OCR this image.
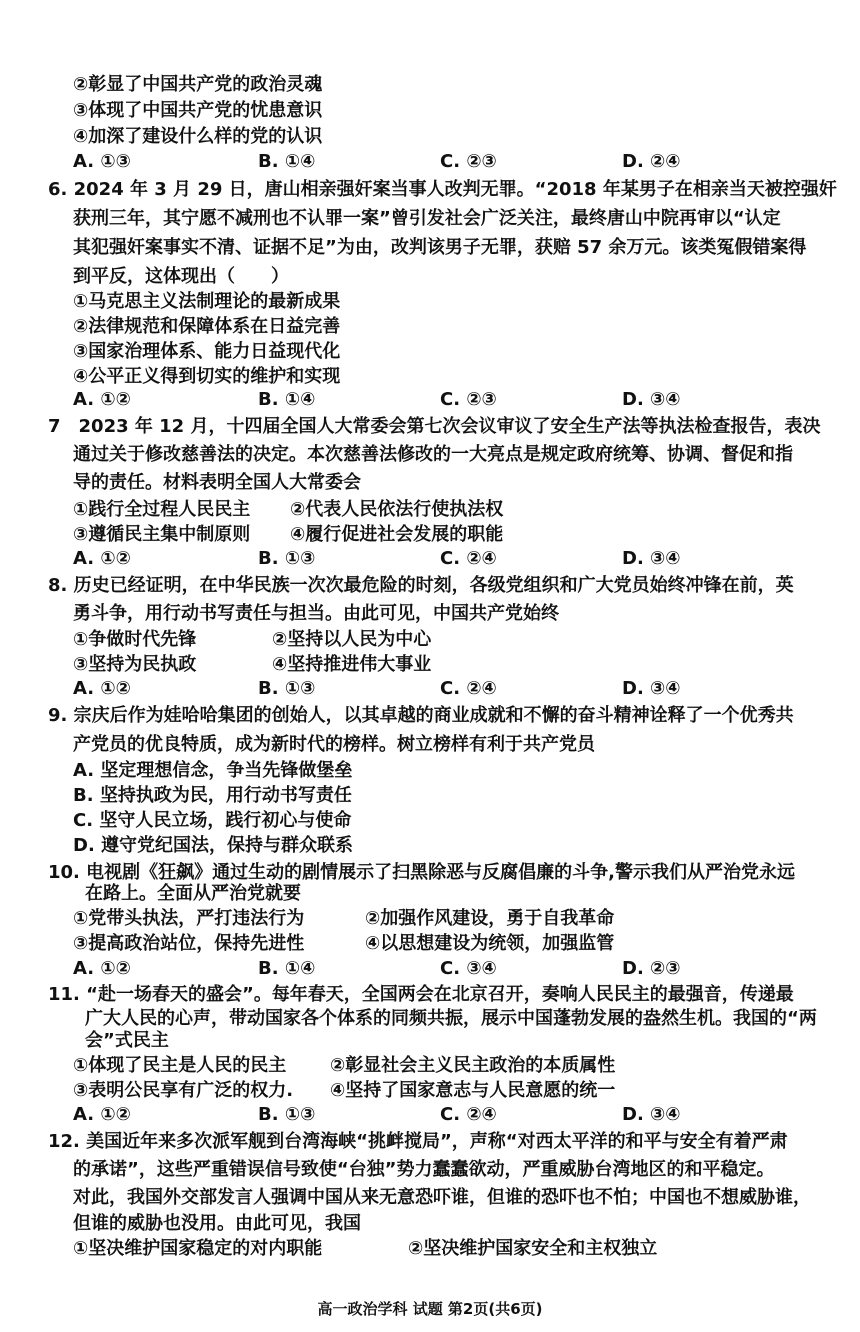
②彰显了中国共产党的政治灵魂
③体现了中国共产党的忧患意识
④加深了建设什么样的党的认识
A. ①③	B. ①④	C. ②③	D. ②④
6. 2024 年 3 月 29 日，唐山相亲强奸案当事人改判无罪。“2018 年某男子在相亲当天被控强奸
获刑三年，其宁愿不减刑也不认罪一案”曾引发社会广泛关注，最终唐山中院再审以“认定
其犯强奸案事实不清、证据不足”为由，改判该男子无罪，获赔 57 余万元。该类冤假错案得
到平反，这体现出（　　）
①马克思主义法制理论的最新成果
②法律规范和保障体系在日益完善
③国家治理体系、能力日益现代化
④公平正义得到切实的维护和实现
A. ①②	B. ①④	C. ②③	D. ③④
7　2023 年 12 月，十四届全国人大常委会第七次会议审议了安全生产法等执法检查报告，表决
通过关于修改慈善法的决定。本次慈善法修改的一大亮点是规定政府统筹、协调、督促和指
导的责任。材料表明全国人大常委会
①践行全过程人民民主 ②代表人民依法行使执法权
③遵循民主集中制原则 ④履行促进社会发展的职能
A. ①②	B. ①③	C. ②④	D. ③④
8. 历史已经证明，在中华民族一次次最危险的时刻，各级党组织和广大党员始终冲锋在前，英
勇斗争，用行动书写责任与担当。由此可见，中国共产党始终
①争做时代先锋	②坚持以人民为中心
③坚持为民执政	④坚持推进伟大事业
A. ①②	B. ①③	C. ②④	D. ③④
9. 宗庆后作为娃哈哈集团的创始人，以其卓越的商业成就和不懈的奋斗精神诠释了一个优秀共
产党员的优良特质，成为新时代的榜样。树立榜样有利于共产党员
A. 坚定理想信念，争当先锋做堡垒
B. 坚持执政为民，用行动书写责任
C. 坚守人民立场，践行初心与使命
D. 遵守党纪国法，保持与群众联系
10. 电视剧《狂飙》通过生动的剧情展示了扫黑除恶与反腐倡廉的斗争,警示我们从严治党永远
在路上。全面从严治党就要
①党带头执法，严打违法行为	②加强作风建设，勇于自我革命
③提高政治站位，保持先进性	④以思想建设为统领，加强监管
A. ①②	B. ①④	C. ③④	D. ②③
11. “赴一场春天的盛会”。每年春天，全国两会在北京召开，奏响人民民主的最强音，传递最
广大人民的心声，带动国家各个体系的同频共振，展示中国蓬勃发展的盎然生机。我国的“两
会”式民主
①体现了民主是人民的民主 ②彰显社会主义民主政治的本质属性
③表明公民享有广泛的权力. ④坚持了国家意志与人民意愿的统一
A. ①②	B. ①③	C. ②④	D. ③④
12. 美国近年来多次派军舰到台湾海峡“挑衅搅局”，声称“对西太平洋的和平与安全有着严肃
的承诺”，这些严重错误信号致使“台独”势力蠢蠢欲动，严重威胁台湾地区的和平稳定。
对此，我国外交部发言人强调中国从来无意恐吓谁，但谁的恐吓也不怕；中国也不想威胁谁，
但谁的威胁也没用。由此可见，我国
①坚决维护国家稳定的对内职能	②坚决维护国家安全和主权独立
高一政治学科 试题 第2页(共6页)
